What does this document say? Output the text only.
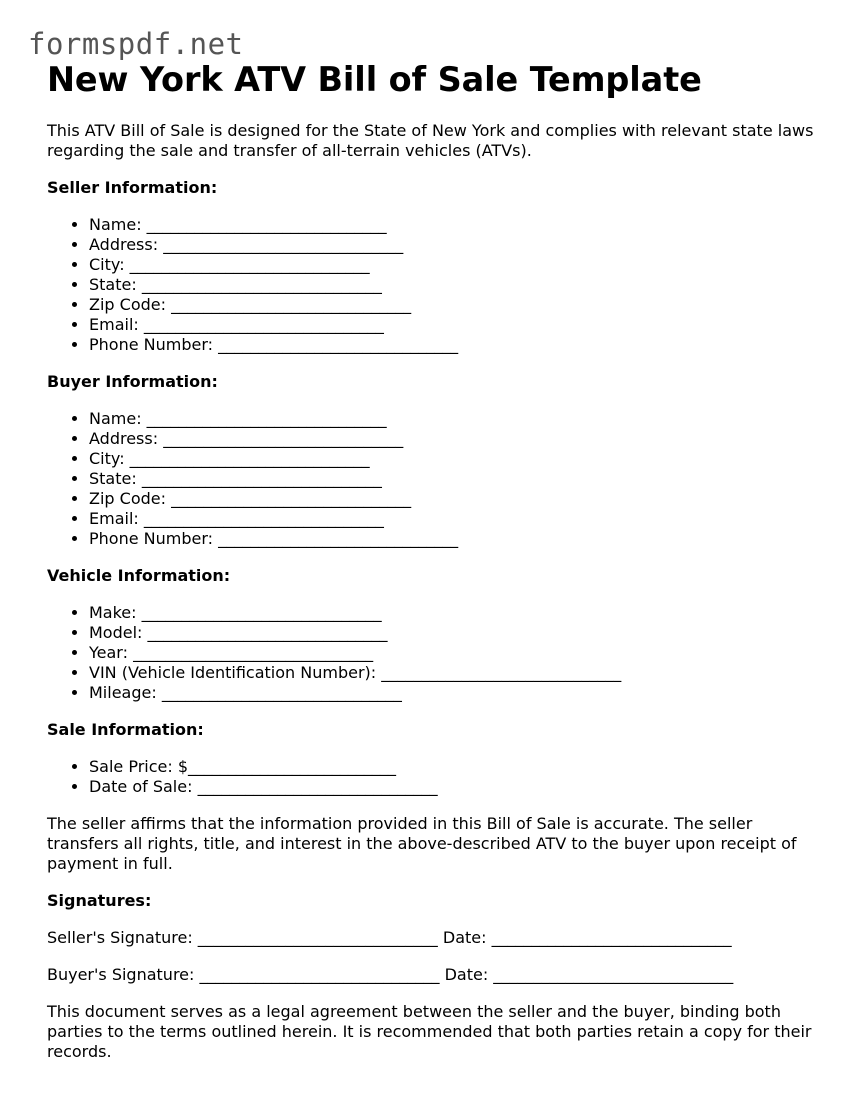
formspdf.net
New York ATV Bill of Sale Template

This ATV Bill of Sale is designed for the State of New York and complies with relevant state laws regarding the sale and transfer of all-terrain vehicles (ATVs).

Seller Information:
• Name: ______________________________
• Address: ______________________________
• City: ______________________________
• State: ______________________________
• Zip Code: ______________________________
• Email: ______________________________
• Phone Number: ______________________________
Buyer Information:
• Name: ______________________________
• Address: ______________________________
• City: ______________________________
• State: ______________________________
• Zip Code: ______________________________
• Email: ______________________________
• Phone Number: ______________________________
Vehicle Information:
• Make: ______________________________
• Model: ______________________________
• Year: ______________________________
• VIN (Vehicle Identification Number): ______________________________
• Mileage: ______________________________
Sale Information:
• Sale Price: $__________________________
• Date of Sale: ______________________________

The seller affirms that the information provided in this Bill of Sale is accurate. The seller transfers all rights, title, and interest in the above-described ATV to the buyer upon receipt of payment in full.

Signatures:

Seller's Signature: ______________________________ Date: ______________________________

Buyer's Signature: ______________________________ Date: ______________________________

This document serves as a legal agreement between the seller and the buyer, binding both parties to the terms outlined herein. It is recommended that both parties retain a copy for their records.
